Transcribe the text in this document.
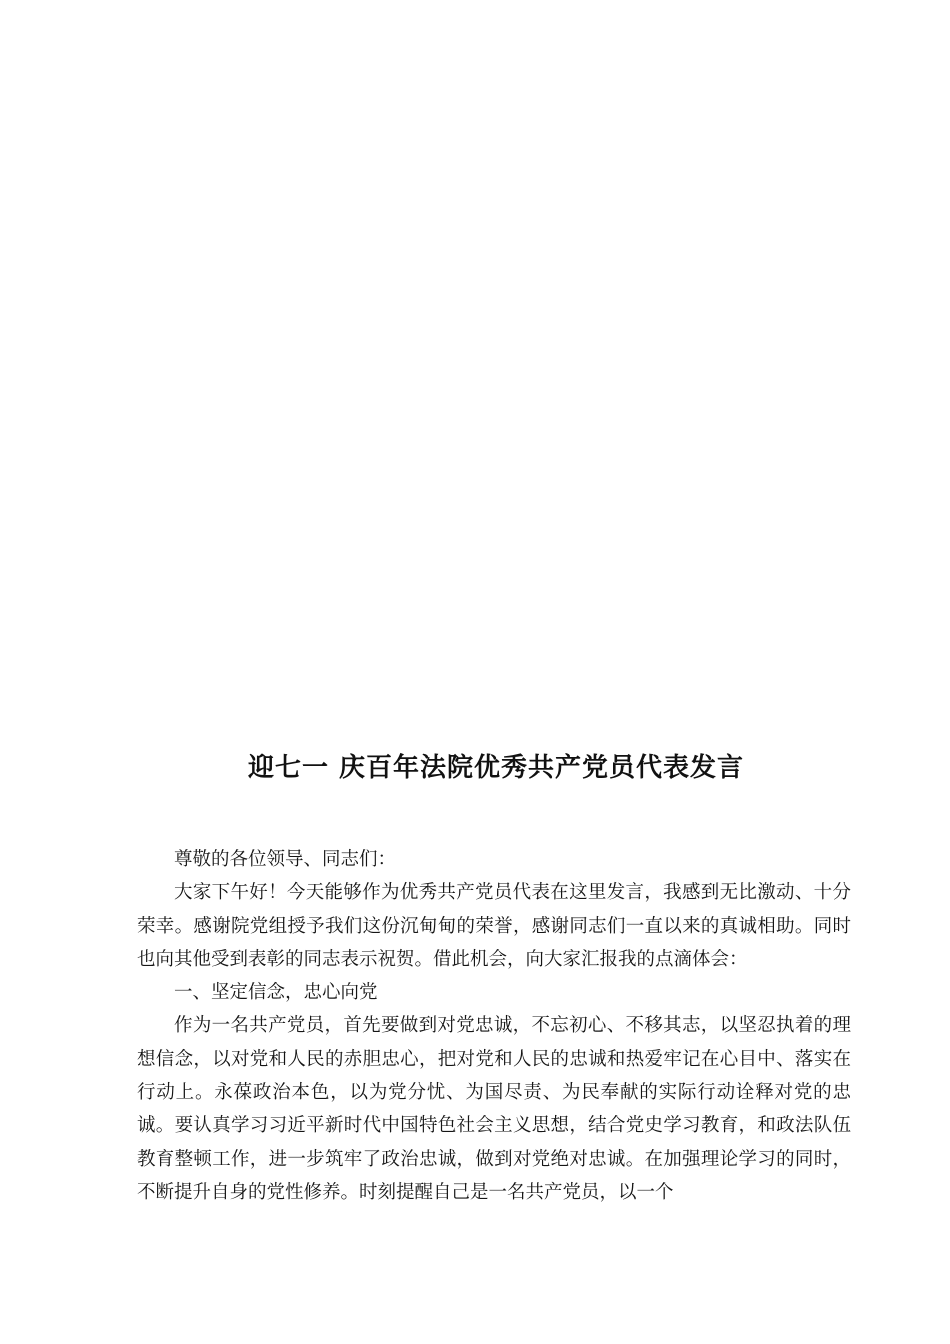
迎七一 庆百年法院优秀共产党员代表发言

尊敬的各位领导、同志们：

大家下午好！今天能够作为优秀共产党员代表在这里发言，我感到无比激动、十分荣幸。感谢院党组授予我们这份沉甸甸的荣誉，感谢同志们一直以来的真诚相助。同时也向其他受到表彰的同志表示祝贺。借此机会，向大家汇报我的点滴体会：

一、坚定信念，忠心向党

作为一名共产党员，首先要做到对党忠诚，不忘初心、不移其志，以坚忍执着的理想信念，以对党和人民的赤胆忠心，把对党和人民的忠诚和热爱牢记在心目中、落实在行动上。永葆政治本色，以为党分忧、为国尽责、为民奉献的实际行动诠释对党的忠诚。要认真学习习近平新时代中国特色社会主义思想，结合党史学习教育，和政法队伍教育整顿工作，进一步筑牢了政治忠诚，做到对党绝对忠诚。在加强理论学习的同时，不断提升自身的党性修养。时刻提醒自己是一名共产党员，以一个
